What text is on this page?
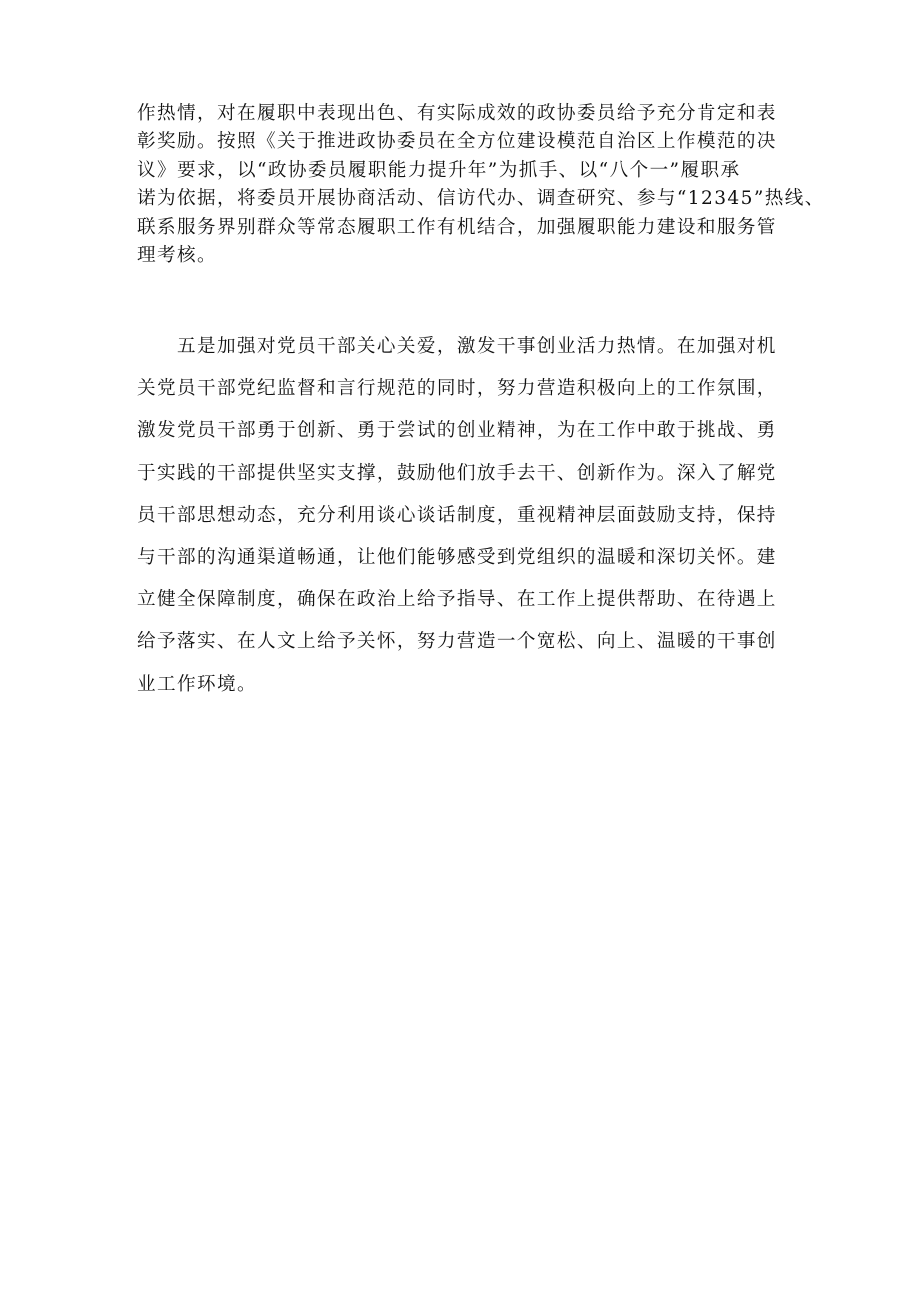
作热情，对在履职中表现出色、有实际成效的政协委员给予充分肯定和表
彰奖励。按照《关于推进政协委员在全方位建设模范自治区上作模范的决
议》要求，以“政协委员履职能力提升年”为抓手、以“八个一”履职承
诺为依据，将委员开展协商活动、信访代办、调查研究、参与“12345”热线、
联系服务界别群众等常态履职工作有机结合，加强履职能力建设和服务管
理考核。
　　五是加强对党员干部关心关爱，激发干事创业活力热情。在加强对机
关党员干部党纪监督和言行规范的同时，努力营造积极向上的工作氛围，
激发党员干部勇于创新、勇于尝试的创业精神，为在工作中敢于挑战、勇
于实践的干部提供坚实支撑，鼓励他们放手去干、创新作为。深入了解党
员干部思想动态，充分利用谈心谈话制度，重视精神层面鼓励支持，保持
与干部的沟通渠道畅通，让他们能够感受到党组织的温暖和深切关怀。建
立健全保障制度，确保在政治上给予指导、在工作上提供帮助、在待遇上
给予落实、在人文上给予关怀，努力营造一个宽松、向上、温暖的干事创
业工作环境。
